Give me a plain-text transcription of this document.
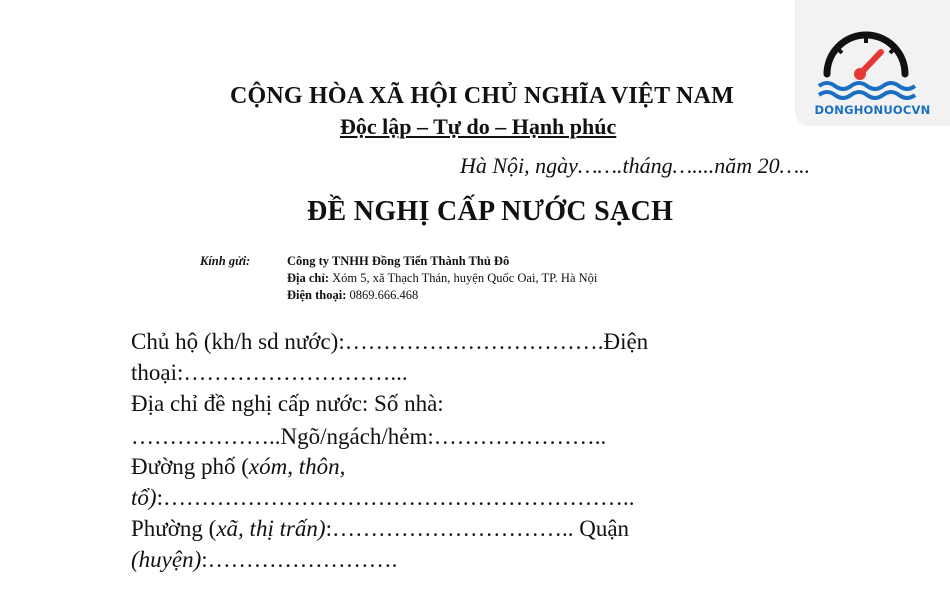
DONGHONUOCVN
CỘNG HÒA XÃ HỘI CHỦ NGHĨA VIỆT NAM
Độc lập – Tự do – Hạnh phúc
Hà Nội, ngày…….tháng…....năm 20…..
ĐỀ NGHỊ CẤP NƯỚC SẠCH
Kính gửi:	Công ty TNHH Đồng Tiến Thành Thủ Đô
Địa chỉ: Xóm 5, xã Thạch Thán, huyện Quốc Oai, TP. Hà Nội
Điện thoại: 0869.666.468
Chủ hộ (kh/h sd nước):…………………………….Điện
thoại:………………………...
Địa chỉ đề nghị cấp nước: Số nhà:
………………..Ngõ/ngách/hẻm:…………………..
Đường phố (xóm, thôn,
tổ):……………………………………………………..
Phường (xã, thị trấn):………………………….. Quận
(huyện):…………………….
